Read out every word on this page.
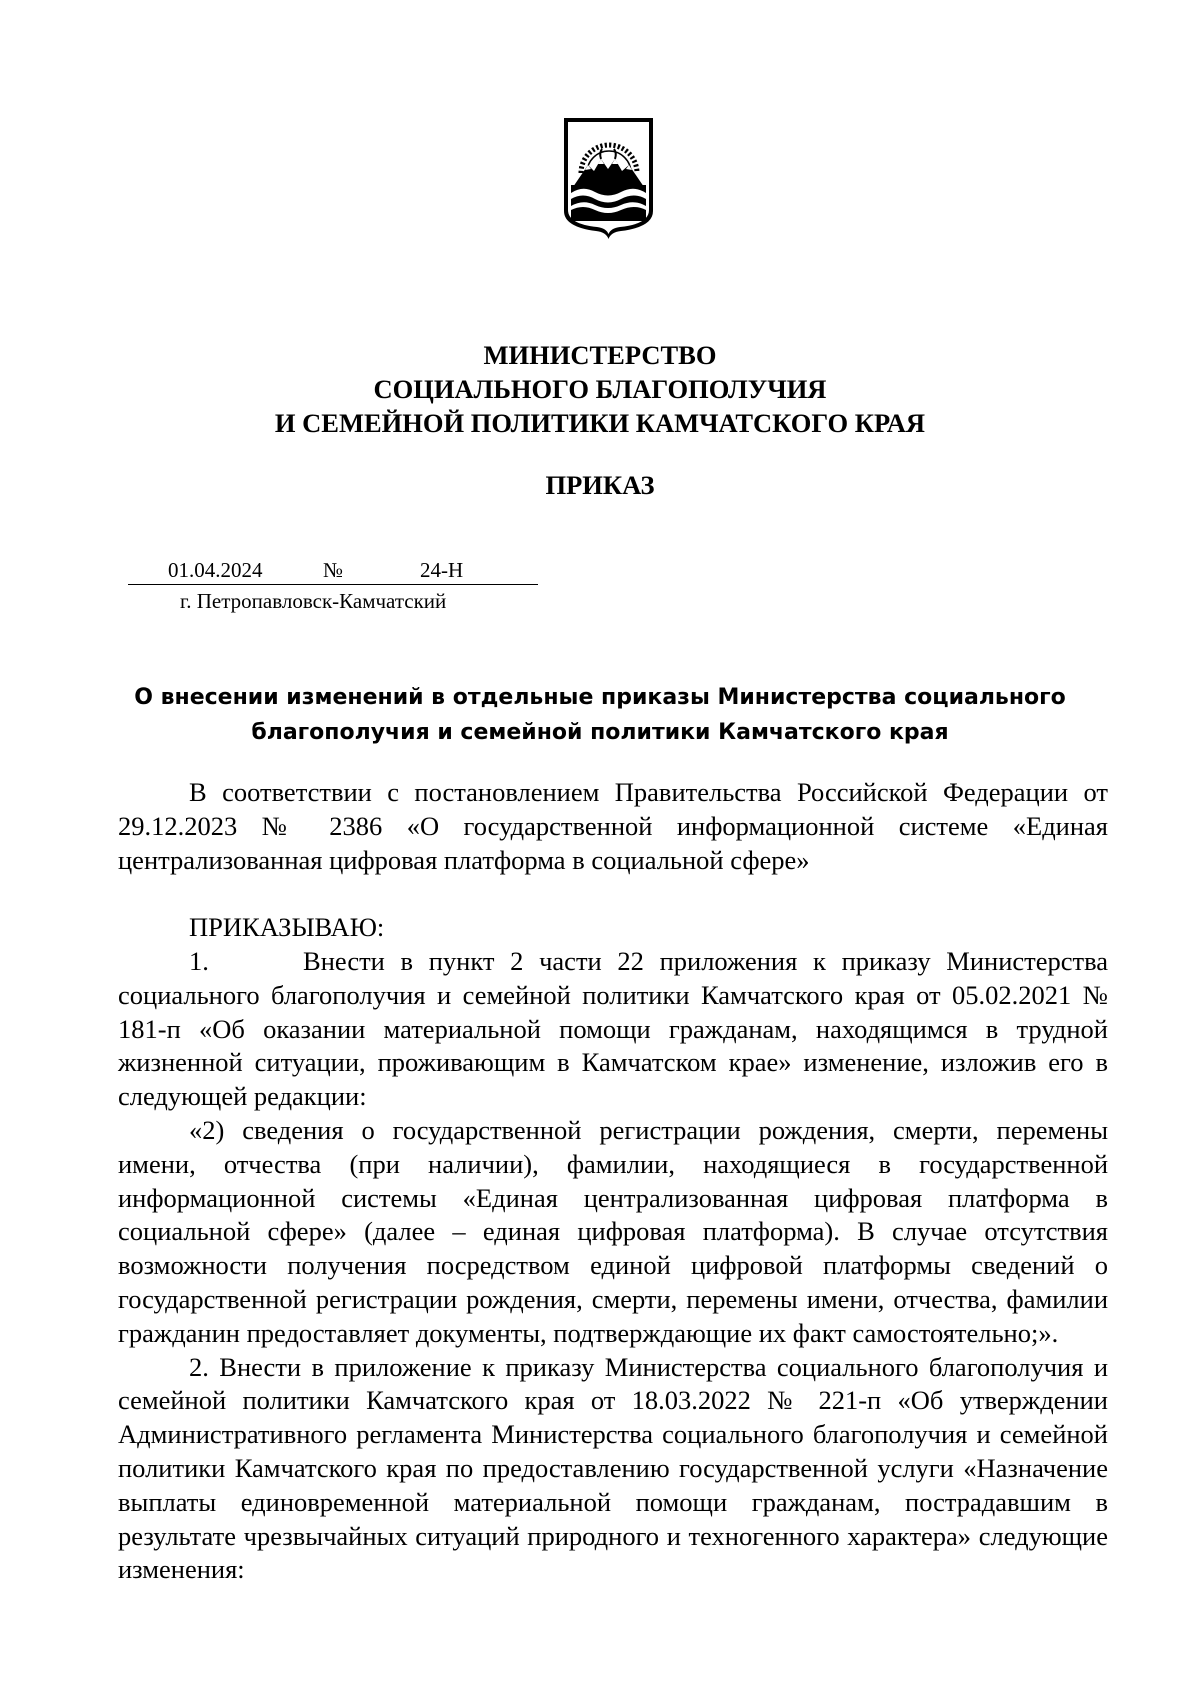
МИНИСТЕРСТВО
СОЦИАЛЬНОГО БЛАГОПОЛУЧИЯ
И СЕМЕЙНОЙ ПОЛИТИКИ КАМЧАТСКОГО КРАЯ
ПРИКАЗ
01.04.2024	№	24-Н
г. Петропавловск-Камчатский
О внесении изменений в отдельные приказы Министерства социального
благополучия и семейной политики Камчатского края

В соответствии с постановлением Правительства Российской Федерации от 29.12.2023 № 2386 «О государственной информационной системе «Единая централизованная цифровая платформа в социальной сфере»

ПРИКАЗЫВАЮ:

1.      Внести в пункт 2 части 22 приложения к приказу Министерства социального благополучия и семейной политики Камчатского края от 05.02.2021 № 181-п «Об оказании материальной помощи гражданам, находящимся в трудной жизненной ситуации, проживающим в Камчатском крае» изменение, изложив его в следующей редакции:

«2) сведения о государственной регистрации рождения, смерти, перемены имени, отчества (при наличии), фамилии, находящиеся в государственной информационной системы «Единая централизованная цифровая платформа в социальной сфере» (далее – единая цифровая платформа). В случае отсутствия возможности получения посредством единой цифровой платформы сведений о государственной регистрации рождения, смерти, перемены имени, отчества, фамилии гражданин предоставляет документы, подтверждающие их факт самостоятельно;».

2. Внести в приложение к приказу Министерства социального благополучия и семейной политики Камчатского края от 18.03.2022 № 221-п «Об утверждении Административного регламента Министерства социального благополучия и семейной политики Камчатского края по предоставлению государственной услуги «Назначение выплаты единовременной материальной помощи гражданам, пострадавшим в результате чрезвычайных ситуаций природного и техногенного характера» следующие изменения:
